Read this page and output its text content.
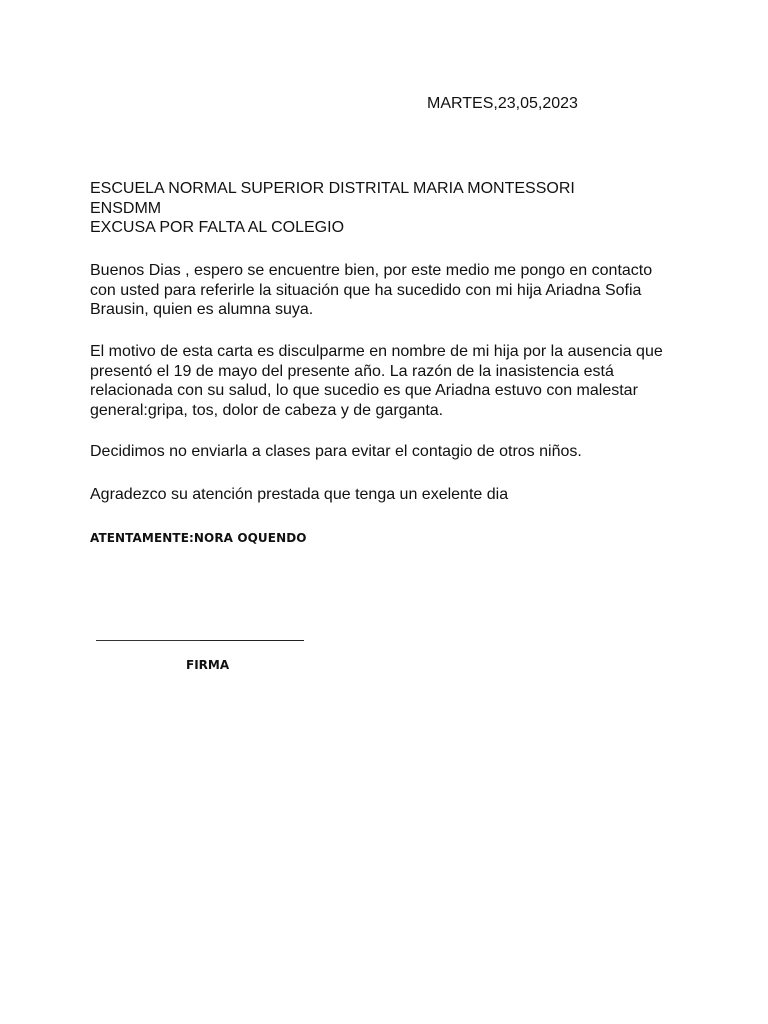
MARTES,23,05,2023
ESCUELA NORMAL SUPERIOR DISTRITAL MARIA MONTESSORI
ENSDMM
EXCUSA POR FALTA AL COLEGIO
Buenos Dias , espero se encuentre bien, por este medio me pongo en contacto
con usted para referirle la situación que ha sucedido con mi hija Ariadna Sofia
Brausin, quien es alumna suya.
El motivo de esta carta es disculparme en nombre de mi hija por la ausencia que
presentó el 19 de mayo del presente año. La razón de la inasistencia está
relacionada con su salud, lo que sucedio es que Ariadna estuvo con malestar
general:gripa, tos, dolor de cabeza y de garganta.
Decidimos no enviarla a clases para evitar el contagio de otros niños.
Agradezco su atención prestada que tenga un exelente dia
ATENTAMENTE:NORA OQUENDO
FIRMA
